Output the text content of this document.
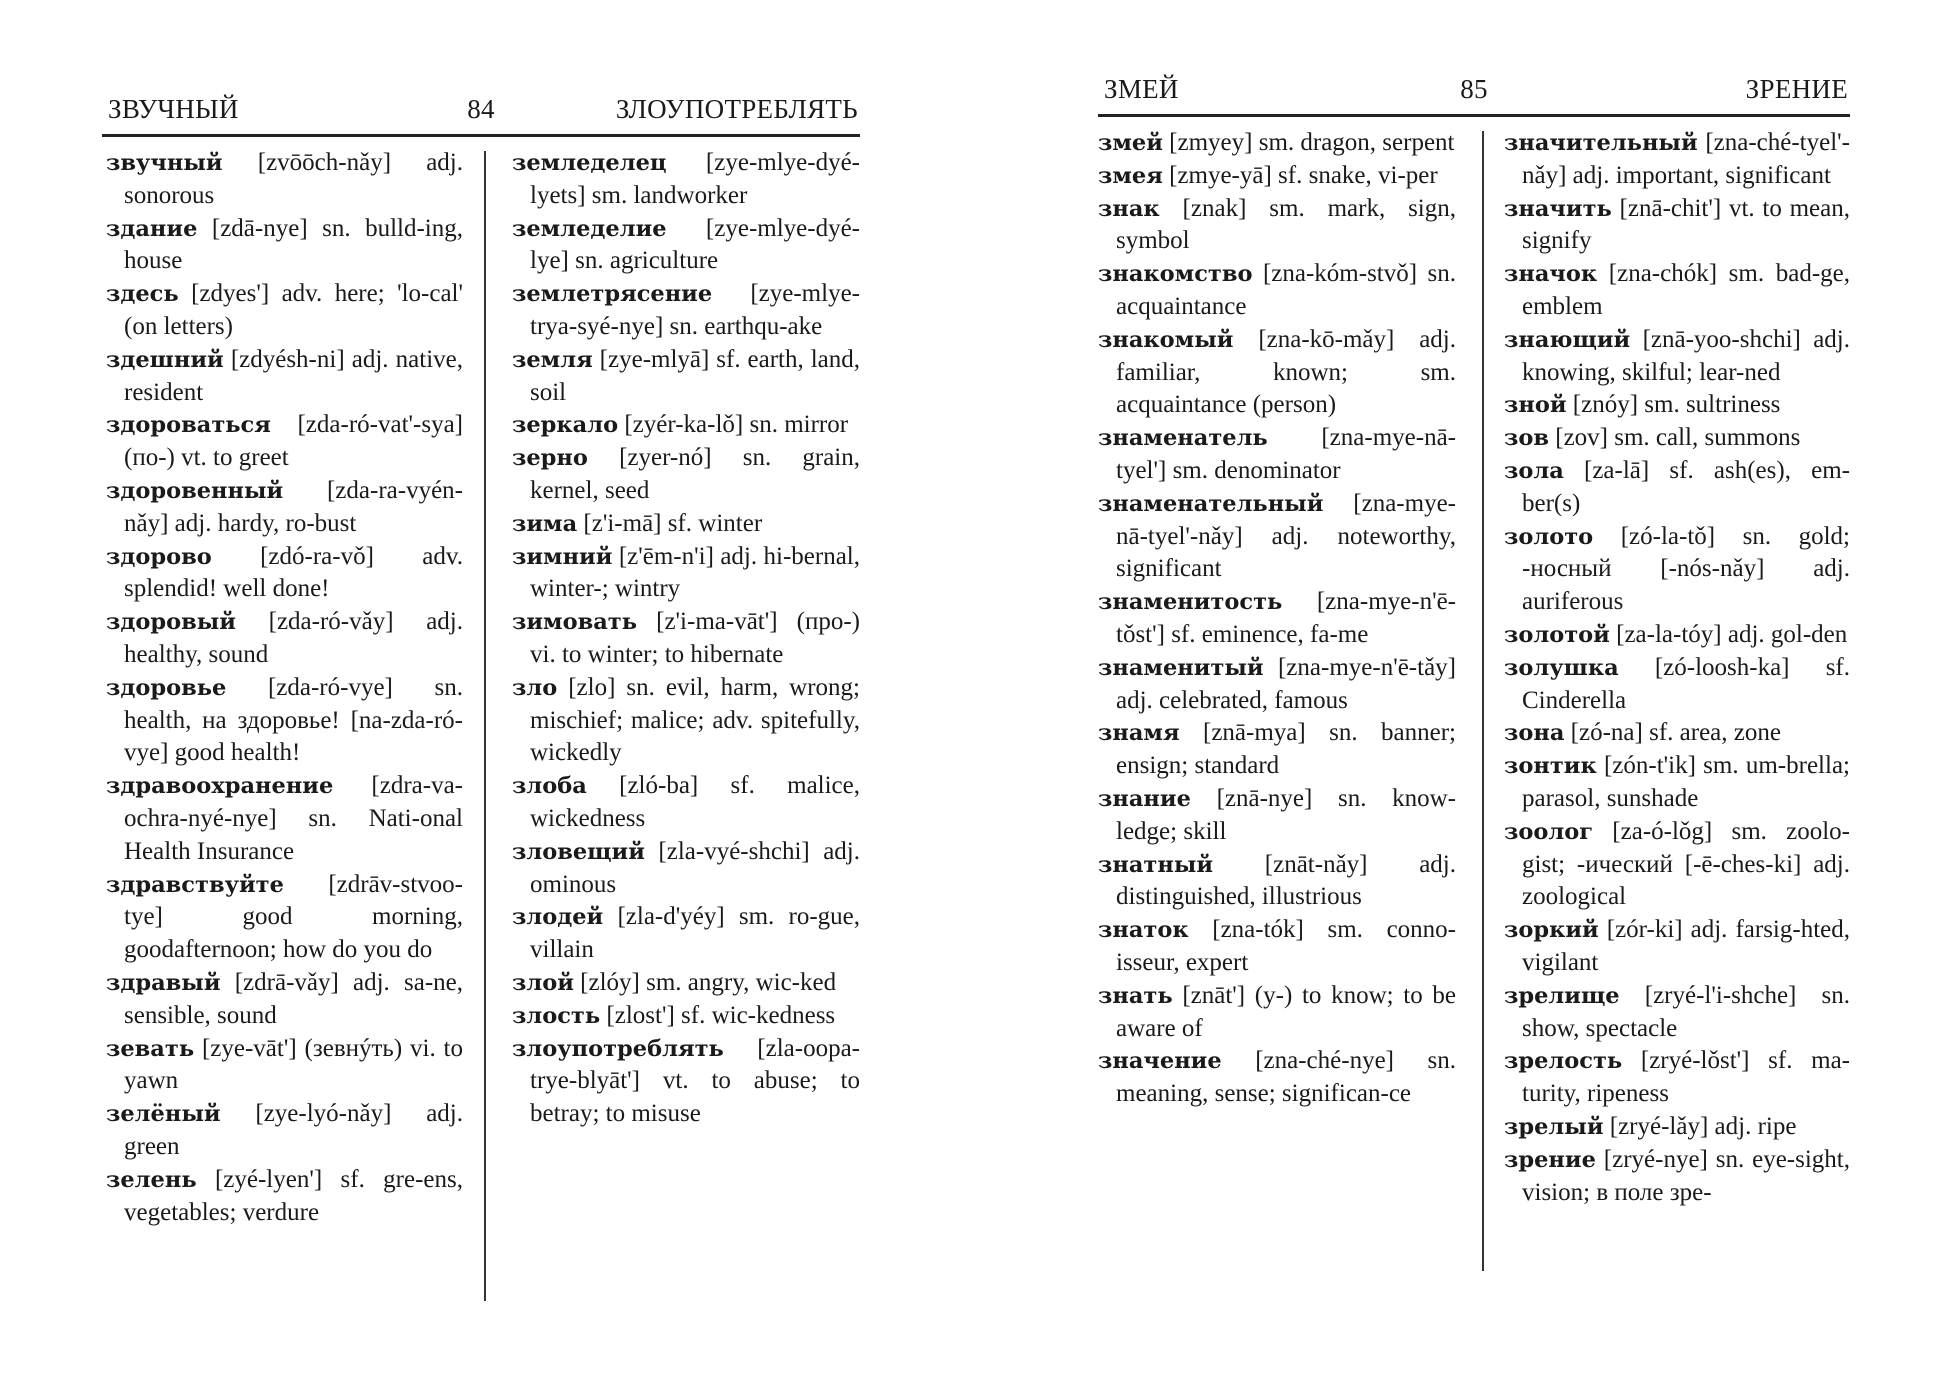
ЗВУЧНЫЙ	84	ЗЛОУПОТРЕБЛЯТЬ
звучный [zvōōch-nǎy] adj. sonorous
здание [zdā-nye] sn. bulld-ing, house
здесь [zdyes'] adv. here; 'lo-cal' (on letters)
здешний [zdyésh-ni] adj. native, resident
здороваться [zda-ró-vat'-sya] (по-) vt. to greet
здоровенный [zda-ra-vyén-nǎy] adj. hardy, ro-bust
здорово [zdó-ra-vǒ] adv. splendid! well done!
здоровый [zda-ró-vǎy] adj. healthy, sound
здоровье [zda-ró-vye] sn. health, на здоровье! [na-zda-ró-vye] good health!
здравоохранение [zdra-va-ochra-nyé-nye] sn. Nati-onal Health Insurance
здравствуйте [zdrāv-stvoo-tye] good morning, goodafternoon; how do you do
здравый [zdrā-vǎy] adj. sa-ne, sensible, sound
зевать [zye-vāt'] (зевнýть) vi. to yawn
зелёный [zye-lyó-nǎy] adj. green
зелень [zyé-lyen'] sf. gre-ens, vegetables; verdure
земледелец [zye-mlye-dyé-lyets] sm. landworker
земледелие [zye-mlye-dyé-lye] sn. agriculture
землетрясение [zye-mlye-trya-syé-nye] sn. earthqu-ake
земля [zye-mlyā] sf. earth, land, soil
зеркало [zyér-ka-lǒ] sn. mirror
зерно [zyer-nó] sn. grain, kernel, seed
зима [z'i-mā] sf. winter
зимний [z'ēm-n'i] adj. hi-bernal, winter-; wintry
зимовать [z'i-ma-vāt'] (про-) vi. to winter; to hibernate
зло [zlo] sn. evil, harm, wrong; mischief; malice; adv. spitefully, wickedly
злоба [zló-ba] sf. malice, wickedness
зловещий [zla-vyé-shchi] adj. ominous
злодей [zla-d'yéy] sm. ro-gue, villain
злой [zlóy] sm. angry, wic-ked
злость [zlost'] sf. wic-kedness
злоупотреблять [zla-oopa-trye-blyāt'] vt. to abuse; to betray; to misuse
ЗМЕЙ	85	ЗРЕНИЕ
змей [zmyey] sm. dragon, serpent
змея [zmye-yā] sf. snake, vi-per
знак [znak] sm. mark, sign, symbol
знакомство [zna-kóm-stvǒ] sn. acquaintance
знакомый [zna-kō-mǎy] adj. familiar, known; sm. acquaintance (person)
знаменатель [zna-mye-nā-tyel'] sm. denominator
знаменательный [zna-mye-nā-tyel'-nǎy] adj. noteworthy, significant
знаменитость [zna-mye-n'ē-tǒst'] sf. eminence, fa-me
знаменитый [zna-mye-n'ē-tǎy] adj. celebrated, famous
знамя [znā-mya] sn. banner; ensign; standard
знание [znā-nye] sn. know-ledge; skill
знатный [znāt-nǎy] adj. distinguished, illustrious
знаток [zna-tók] sm. conno-isseur, expert
знать [znāt'] (у-) to know; to be aware of
значение [zna-ché-nye] sn. meaning, sense; significan-ce
значительный [zna-ché-tyel'-nǎy] adj. important, significant
значить [znā-chit'] vt. to mean, signify
значок [zna-chók] sm. bad-ge, emblem
знающий [znā-yoo-shchi] adj. knowing, skilful; lear-ned
зной [znóy] sm. sultriness
зов [zov] sm. call, summons
зола [za-lā] sf. ash(es), em-ber(s)
золото [zó-la-tǒ] sn. gold; -носный [-nós-nǎy] adj. auriferous
золотой [za-la-tóy] adj. gol-den
золушка [zó-loosh-ka] sf. Cinderella
зона [zó-na] sf. area, zone
зонтик [zón-t'ik] sm. um-brella; parasol, sunshade
зоолог [za-ó-lǒg] sm. zoolo-gist; -ический [-ē-ches-ki] adj. zoological
зоркий [zór-ki] adj. farsig-hted, vigilant
зрелище [zryé-l'i-shche] sn. show, spectacle
зрелость [zryé-lǒst'] sf. ma-turity, ripeness
зрелый [zryé-lǎy] adj. ripe
зрение [zryé-nye] sn. eye-sight, vision; в поле зре-
